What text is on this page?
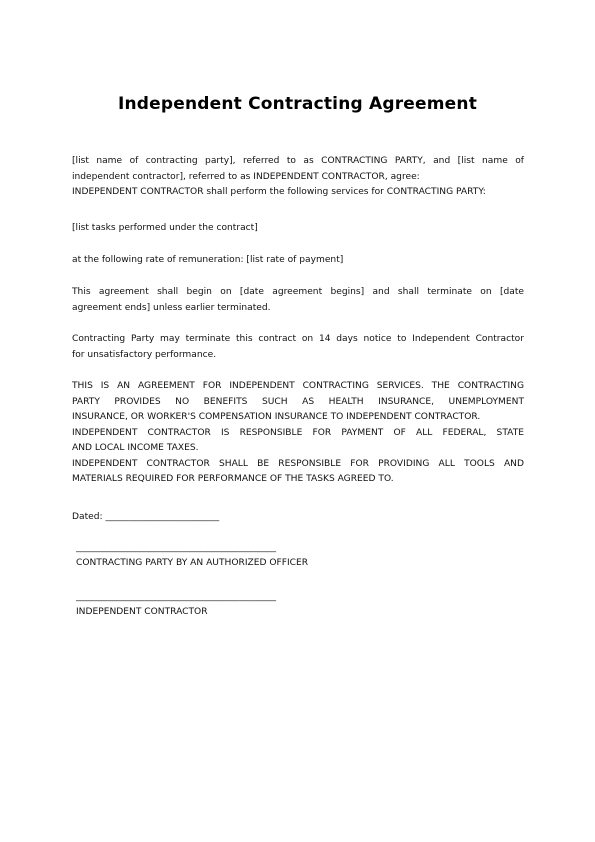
Independent Contracting Agreement

[list name of contracting party], referred to as CONTRACTING PARTY, and [list name of
independent contractor], referred to as INDEPENDENT CONTRACTOR, agree:
INDEPENDENT CONTRACTOR shall perform the following services for CONTRACTING PARTY:

[list tasks performed under the contract]

at the following rate of remuneration: [list rate of payment]

This agreement shall begin on [date agreement begins] and shall terminate on [date
agreement ends] unless earlier terminated.

Contracting Party may terminate this contract on 14 days notice to Independent Contractor
for unsatisfactory performance.

THIS IS AN AGREEMENT FOR INDEPENDENT CONTRACTING SERVICES. THE CONTRACTING
PARTY PROVIDES NO BENEFITS SUCH AS HEALTH INSURANCE, UNEMPLOYMENT
INSURANCE, OR WORKER'S COMPENSATION INSURANCE TO INDEPENDENT CONTRACTOR.
INDEPENDENT CONTRACTOR IS RESPONSIBLE FOR PAYMENT OF ALL FEDERAL, STATE
AND LOCAL INCOME TAXES.
INDEPENDENT CONTRACTOR SHALL BE RESPONSIBLE FOR PROVIDING ALL TOOLS AND
MATERIALS REQUIRED FOR PERFORMANCE OF THE TASKS AGREED TO.

Dated: _________________________
____________________________________________
CONTRACTING PARTY BY AN AUTHORIZED OFFICER
____________________________________________
INDEPENDENT CONTRACTOR
